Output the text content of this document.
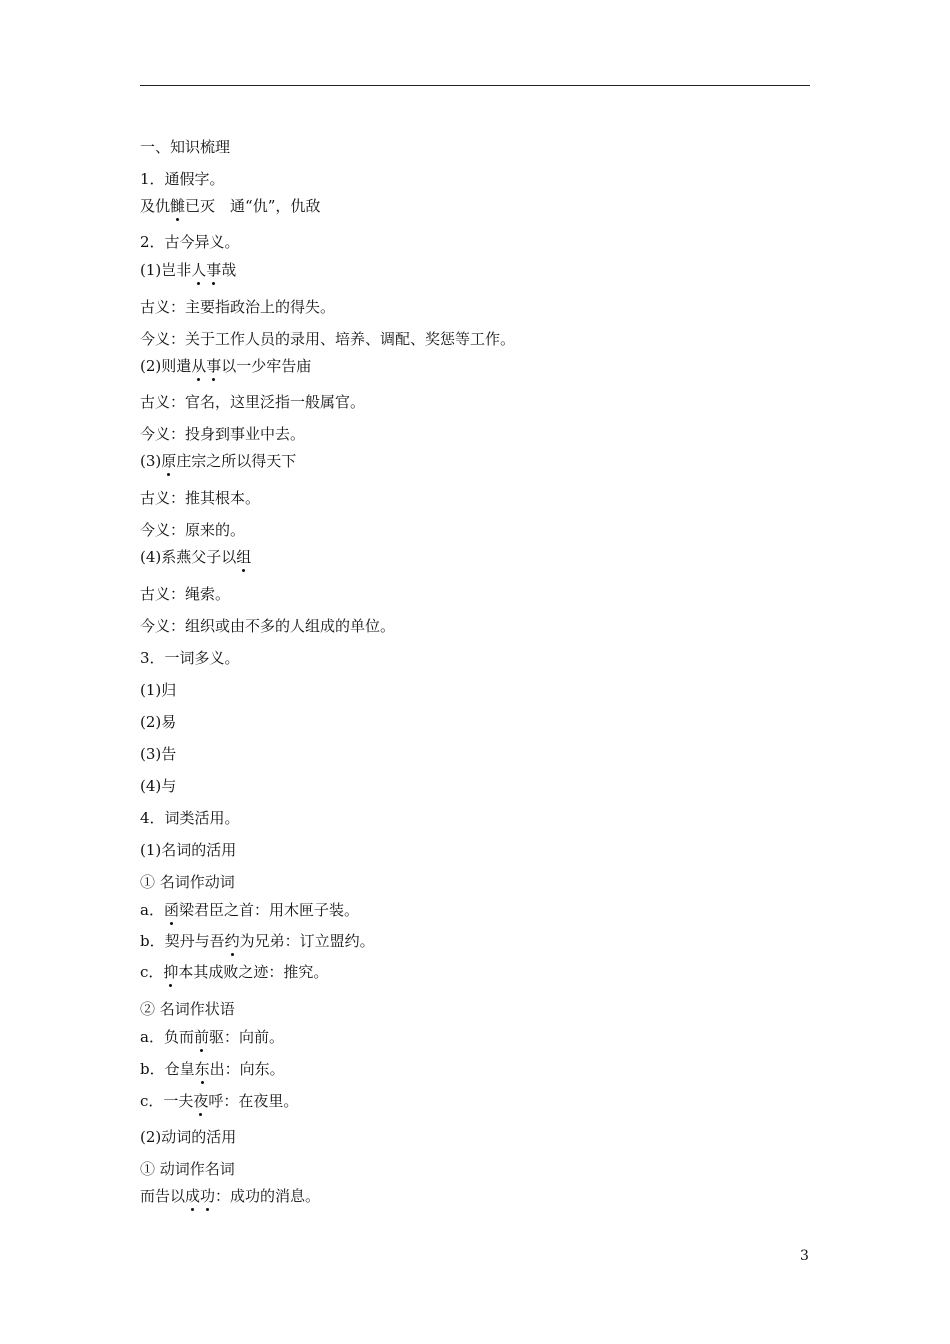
一、知识梳理
1．通假字。
及仇雠已灭　通“仇”，仇敌
2．古今异义。
(1)岂非人事哉
古义：主要指政治上的得失。
今义：关于工作人员的录用、培养、调配、奖惩等工作。
(2)则遣从事以一少牢告庙
古义：官名，这里泛指一般属官。
今义：投身到事业中去。
(3)原庄宗之所以得天下
古义：推其根本。
今义：原来的。
(4)系燕父子以组
古义：绳索。
今义：组织或由不多的人组成的单位。
3．一词多义。
(1)归
(2)易
(3)告
(4)与
4．词类活用。
(1)名词的活用
① 名词作动词
a．函梁君臣之首：用木匣子装。
b．契丹与吾约为兄弟：订立盟约。
c．抑本其成败之迹：推究。
② 名词作状语
a．负而前驱：向前。
b．仓皇东出：向东。
c．一夫夜呼：在夜里。
(2)动词的活用
① 动词作名词
而告以成功：成功的消息。
3
